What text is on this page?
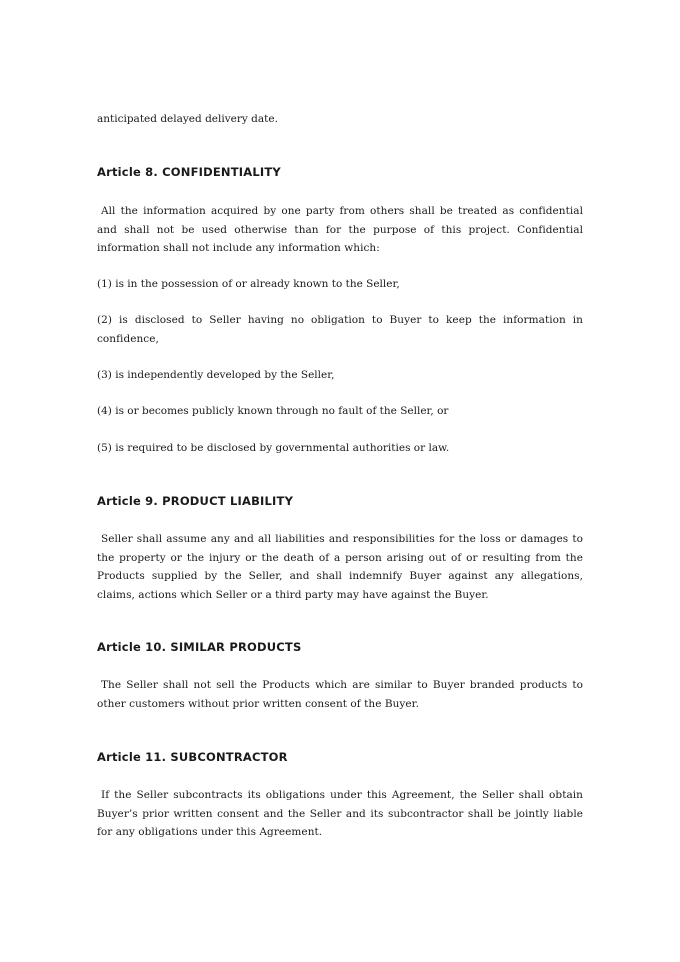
anticipated delayed delivery date.
Article 8. CONFIDENTIALITY
All the information acquired by one party from others shall be treated as confidential and shall not be used otherwise than for the purpose of this project. Confidential information shall not include any information which:
(1) is in the possession of or already known to the Seller,
(2) is disclosed to Seller having no obligation to Buyer to keep the information in confidence,
(3) is independently developed by the Seller,
(4) is or becomes publicly known through no fault of the Seller, or
(5) is required to be disclosed by governmental authorities or law.
Article 9. PRODUCT LIABILITY
Seller shall assume any and all liabilities and responsibilities for the loss or damages to the property or the injury or the death of a person arising out of or resulting from the Products supplied by the Seller, and shall indemnify Buyer against any allegations, claims, actions which Seller or a third party may have against the Buyer.
Article 10. SIMILAR PRODUCTS
The Seller shall not sell the Products which are similar to Buyer branded products to other customers without prior written consent of the Buyer.
Article 11. SUBCONTRACTOR
If the Seller subcontracts its obligations under this Agreement, the Seller shall obtain Buyer’s prior written consent and the Seller and its subcontractor shall be jointly liable for any obligations under this Agreement.
